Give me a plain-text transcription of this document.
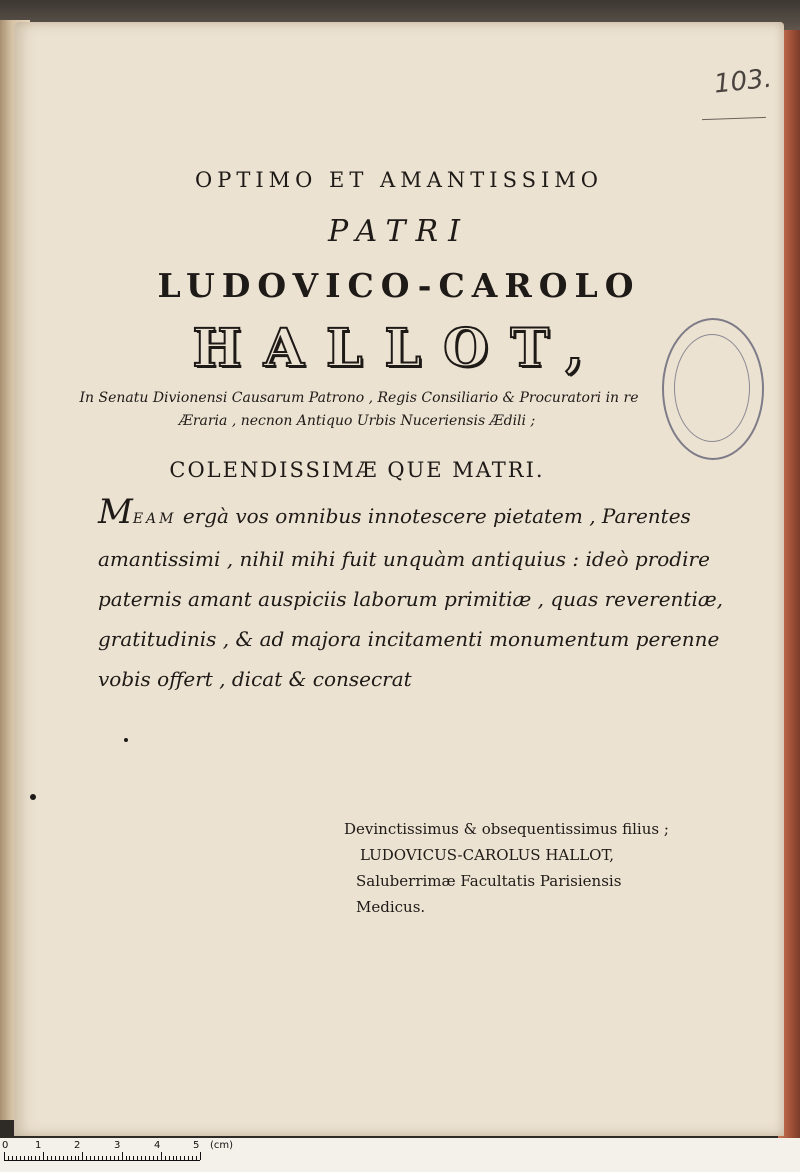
103.
OPTIMO ET AMANTISSIMO
PATRI
LUDOVICO-CAROLO
HALLOT,
In Senatu Divionensi Causarum Patrono , Regis Consiliario & Procuratori in re
Æraria , necnon Antiquo Urbis Nuceriensis Ædili ;
COLENDISSIMÆ QUE MATRI.
MEAM ergà vos omnibus innotescere pietatem , Parentes
amantissimi , nihil mihi fuit unquàm antiquius : ideò prodire
paternis amant auspiciis laborum primitiæ , quas reverentiæ,
gratitudinis , & ad majora incitamenti monumentum perenne
vobis offert , dicat & consecrat
Devinctissimus & obsequentissimus filius ;
LUDOVICUS-CAROLUS HALLOT,
Saluberrimæ Facultatis Parisiensis
Medicus.
0	1	2	3	4	5 (cm)
